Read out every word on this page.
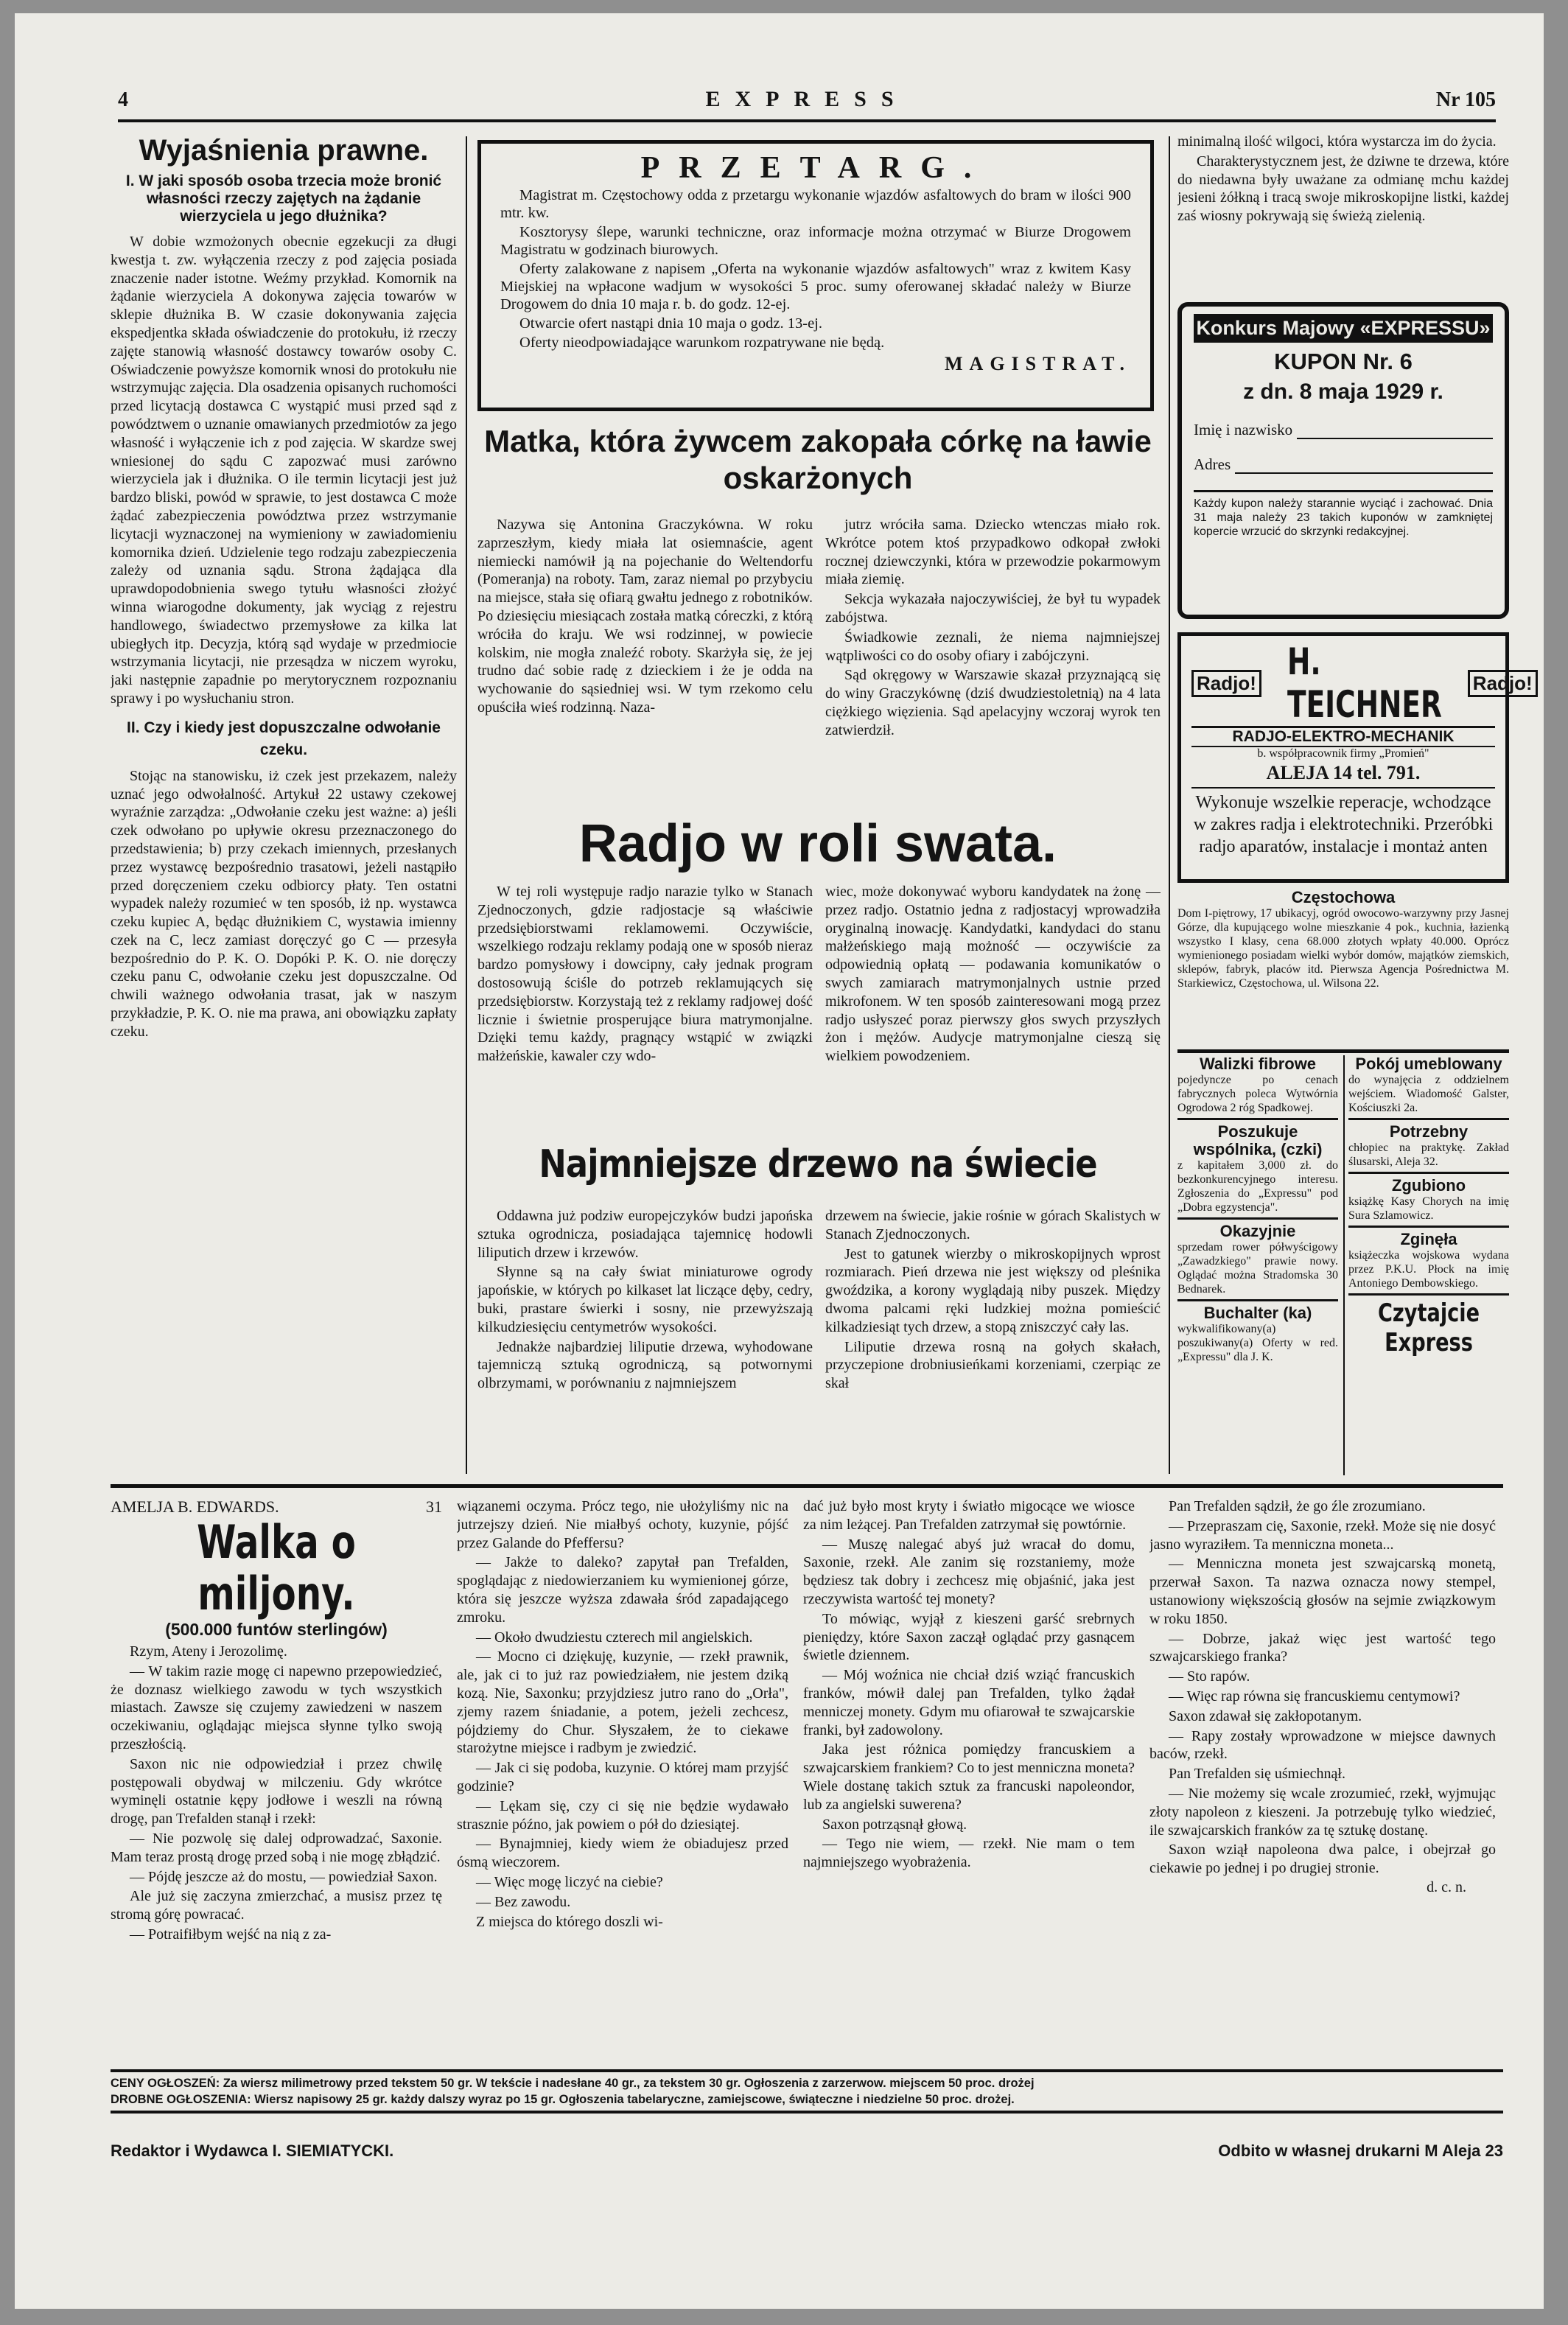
4	EXPRESS	Nr 105
Wyjaśnienia prawne.
I. W jaki sposób osoba trzecia może bronić własności rzeczy zajętych na żądanie wierzyciela u jego dłużnika?

W dobie wzmożonych obecnie egzekucji za długi kwestja t. zw. wyłączenia rzeczy z pod zajęcia posiada znaczenie nader istotne. Weźmy przykład. Komornik na żądanie wierzyciela A dokonywa zajęcia towarów w sklepie dłużnika B. W czasie dokonywania zajęcia ekspedjentka składa oświadczenie do protokułu, iż rzeczy zajęte stanowią własność dostawcy towarów osoby C. Oświadczenie powyższe komornik wnosi do protokułu nie wstrzymując zajęcia. Dla osadzenia opisanych ruchomości przed licytacją dostawca C wystąpić musi przed sąd z powództwem o uznanie omawianych przedmiotów za jego własność i wyłączenie ich z pod zajęcia. W skardze swej wniesionej do sądu C zapozwać musi zarówno wierzyciela jak i dłużnika. O ile termin licytacji jest już bardzo bliski, powód w sprawie, to jest dostawca C może żądać zabezpieczenia powództwa przez wstrzymanie licytacji wyznaczonej na wymieniony w zawiadomieniu komornika dzień. Udzielenie tego rodzaju zabezpieczenia zależy od uznania sądu. Strona żądająca dla uprawdopodobnienia swego tytułu własności złożyć winna wiarogodne dokumenty, jak wyciąg z rejestru handlowego, świadectwo przemysłowe za kilka lat ubiegłych itp. Decyzja, którą sąd wydaje w przedmiocie wstrzymania licytacji, nie przesądza w niczem wyroku, jaki następnie zapadnie po merytorycznem rozpoznaniu sprawy i po wysłuchaniu stron.

II. Czy i kiedy jest dopuszczalne odwołanie czeku.

Stojąc na stanowisku, iż czek jest przekazem, należy uznać jego odwołalność. Artykuł 22 ustawy czekowej wyraźnie zarządza: „Odwołanie czeku jest ważne: a) jeśli czek odwołano po upływie okresu przeznaczonego do przedstawienia; b) przy czekach imiennych, przesłanych przez wystawcę bezpośrednio trasatowi, jeżeli nastąpiło przed doręczeniem czeku odbiorcy płaty. Ten ostatni wypadek należy rozumieć w ten sposób, iż np. wystawca czeku kupiec A, będąc dłużnikiem C, wystawia imienny czek na C, lecz zamiast doręczyć go C — przesyła bezpośrednio do P. K. O. Dopóki P. K. O. nie doręczy czeku panu C, odwołanie czeku jest dopuszczalne. Od chwili ważnego odwołania trasat, jak w naszym przykładzie, P. K. O. nie ma prawa, ani obowiązku zapłaty czeku.

PRZETARG.

Magistrat m. Częstochowy odda z przetargu wykonanie wjazdów asfaltowych do bram w ilości 900 mtr. kw.

Kosztorysy ślepe, warunki techniczne, oraz informacje można otrzymać w Biurze Drogowem Magistratu w godzinach biurowych.

Oferty zalakowane z napisem „Oferta na wykonanie wjazdów asfaltowych" wraz z kwitem Kasy Miejskiej na wpłacone wadjum w wysokości 5 proc. sumy oferowanej składać należy w Biurze Drogowem do dnia 10 maja r. b. do godz. 12-ej.

Otwarcie ofert nastąpi dnia 10 maja o godz. 13-ej.

Oferty nieodpowiadające warunkom rozpatrywane nie będą.

MAGISTRAT.
Matka, która żywcem zakopała córkę na ławie oskarżonych

Nazywa się Antonina Graczykówna. W roku zaprzeszłym, kiedy miała lat osiemnaście, agent niemiecki namówił ją na pojechanie do Weltendorfu (Pomeranja) na roboty. Tam, zaraz niemal po przybyciu na miejsce, stała się ofiarą gwałtu jednego z robotników. Po dziesięciu miesiącach została matką córeczki, z którą wróciła do kraju. We wsi rodzinnej, w powiecie kolskim, nie mogła znaleźć roboty. Skarżyła się, że jej trudno dać sobie radę z dzieckiem i że je odda na wychowanie do sąsiedniej wsi. W tym rzekomo celu opuściła wieś rodzinną. Naza-

jutrz wróciła sama. Dziecko wtenczas miało rok. Wkrótce potem ktoś przypadkowo odkopał zwłoki rocznej dziewczynki, która w przewodzie pokarmowym miała ziemię.

Sekcja wykazała najoczywiściej, że był tu wypadek zabójstwa.

Świadkowie zeznali, że niema najmniejszej wątpliwości co do osoby ofiary i zabójczyni.

Sąd okręgowy w Warszawie skazał przyznającą się do winy Graczykównę (dziś dwudziestoletnią) na 4 lata ciężkiego więzienia. Sąd apelacyjny wczoraj wyrok ten zatwierdził.

Radjo w roli swata.

W tej roli występuje radjo narazie tylko w Stanach Zjednoczonych, gdzie radjostacje są właściwie przedsiębiorstwami reklamowemi. Oczywiście, wszelkiego rodzaju reklamy podają one w sposób nieraz bardzo pomysłowy i dowcipny, cały jednak program dostosowują ściśle do potrzeb reklamujących się przedsiębiorstw. Korzystają też z reklamy radjowej dość licznie i świetnie prosperujące biura matrymonjalne. Dzięki temu każdy, pragnący wstąpić w związki małżeńskie, kawaler czy wdo-

wiec, może dokonywać wyboru kandydatek na żonę — przez radjo. Ostatnio jedna z radjostacyj wprowadziła oryginalną inowację. Kandydatki, kandydaci do stanu małżeńskiego mają możność — oczywiście za odpowiednią opłatą — podawania komunikatów o swych zamiarach matrymonjalnych ustnie przed mikrofonem. W ten sposób zainteresowani mogą przez radjo usłyszeć poraz pierwszy głos swych przyszłych żon i mężów. Audycje matrymonjalne cieszą się wielkiem powodzeniem.

Najmniejsze drzewo na świecie

Oddawna już podziw europejczyków budzi japońska sztuka ogrodnicza, posiadająca tajemnicę hodowli liliputich drzew i krzewów.

Słynne są na cały świat miniaturowe ogrody japońskie, w których po kilkaset lat liczące dęby, cedry, buki, prastare świerki i sosny, nie przewyższają kilkudziesięciu centymetrów wysokości.

Jednakże najbardziej liliputie drzewa, wyhodowane tajemniczą sztuką ogrodniczą, są potwornymi olbrzymami, w porównaniu z najmniejszem

drzewem na świecie, jakie rośnie w górach Skalistych w Stanach Zjednoczonych.

Jest to gatunek wierzby o mikroskopijnych wprost rozmiarach. Pień drzewa nie jest większy od pleśnika gwoździka, a korony wyglądają niby puszek. Między dwoma palcami ręki ludzkiej można pomieścić kilkadziesiąt tych drzew, a stopą zniszczyć cały las.

Liliputie drzewa rosną na gołych skałach, przyczepione drobniusieńkami korzeniami, czerpiąc ze skał

minimalną ilość wilgoci, która wystarcza im do życia.

Charakterystycznem jest, że dziwne te drzewa, które do niedawna były uważane za odmianę mchu każdej jesieni żółkną i tracą swoje mikroskopijne listki, każdej zaś wiosny pokrywają się świeżą zielenią.

Konkurs Majowy «EXPRESSU»
KUPON Nr. 6
z dn. 8 maja 1929 r.
Imię i nazwisko
Adres
Każdy kupon należy starannie wyciąć i zachować. Dnia 31 maja należy 23 takich kuponów w zamkniętej kopercie wrzucić do skrzynki redakcyjnej.
Radjo! H. TEICHNER
Radjo!
RADJO-ELEKTRO-MECHANIK
b. współpracownik firmy „Promień"
ALEJA 14 tel. 791.
Wykonuje wszelkie reperacje, wchodzące w zakres radja i elektrotechniki. Przeróbki radjo aparatów, instalacje i montaż anten
Częstochowa
Dom I-piętrowy, 17 ubikacyj, ogród owocowo-warzywny przy Jasnej Górze, dla kupującego wolne mieszkanie 4 pok., kuchnia, łazienką wszystko I klasy, cena 68.000 złotych wpłaty 40.000. Oprócz wymienionego posiadam wielki wybór domów, majątków ziemskich, sklepów, fabryk, placów itd. Pierwsza Agencja Pośrednictwa M. Starkiewicz, Częstochowa, ul. Wilsona 22.
Walizki fibrowe
pojedyncze po cenach fabrycznych poleca Wytwórnia Ogrodowa 2 róg Spadkowej.
Poszukuje wspólnika, (czki)
z kapitałem 3,000 zł. do bezkonkurencyjnego interesu. Zgłoszenia do „Expressu" pod „Dobra egzystencja".
Okazyjnie
sprzedam rower półwyścigowy „Zawadzkiego" prawie nowy. Oglądać można Stradomska 30 Bednarek.
Buchalter (ka)
wykwalifikowany(a) poszukiwany(a) Oferty w red. „Expressu" dla J. K.
Pokój umeblowany
do wynajęcia z oddzielnem wejściem. Wiadomość Galster, Kościuszki 2a.
Potrzebny
chłopiec na praktykę. Zakład ślusarski, Aleja 32.
Zgubiono
książkę Kasy Chorych na imię Sura Szlamowicz.
Zginęła
książeczka wojskowa wydana przez P.K.U. Płock na imię Antoniego Dembowskiego.
Czytajcie Express
AMELJA B. EDWARDS.	31
Walka o miljony.
(500.000 funtów sterlingów)

Rzym, Ateny i Jerozolimę.

— W takim razie mogę ci napewno przepowiedzieć, że doznasz wielkiego zawodu w tych wszystkich miastach. Zawsze się czujemy zawiedzeni w naszem oczekiwaniu, oglądając miejsca słynne tylko swoją przeszłością.

Saxon nic nie odpowiedział i przez chwilę postępowali obydwaj w milczeniu. Gdy wkrótce wyminęli ostatnie kępy jodłowe i weszli na równą drogę, pan Trefalden stanął i rzekł:

— Nie pozwolę się dalej odprowadzać, Saxonie. Mam teraz prostą drogę przed sobą i nie mogę zbłądzić.

— Pójdę jeszcze aż do mostu, — powiedział Saxon.

Ale już się zaczyna zmierzchać, a musisz przez tę stromą górę powracać.

— Potraifiłbym wejść na nią z za-

wiązanemi oczyma. Prócz tego, nie ułożyliśmy nic na jutrzejszy dzień. Nie miałbyś ochoty, kuzynie, pójść przez Galande do Pfeffersu?

— Jakże to daleko? zapytał pan Trefalden, spoglądając z niedowierzaniem ku wymienionej górze, która się jeszcze wyższa zdawała śród zapadającego zmroku.

— Około dwudziestu czterech mil angielskich.

— Mocno ci dziękuję, kuzynie, — rzekł prawnik, ale, jak ci to już raz powiedziałem, nie jestem dziką kozą. Nie, Saxonku; przyjdziesz jutro rano do „Orła", zjemy razem śniadanie, a potem, jeżeli zechcesz, pójdziemy do Chur. Słyszałem, że to ciekawe starożytne miejsce i radbym je zwiedzić.

— Jak ci się podoba, kuzynie. O której mam przyjść godzinie?

— Lękam się, czy ci się nie będzie wydawało strasznie późno, jak powiem o pół do dziesiątej.

— Bynajmniej, kiedy wiem że obiadujesz przed ósmą wieczorem.

— Więc mogę liczyć na ciebie?

— Bez zawodu.

Z miejsca do którego doszli wi-

dać już było most kryty i światło migocące we wiosce za nim leżącej. Pan Trefalden zatrzymał się powtórnie.

— Muszę nalegać abyś już wracał do domu, Saxonie, rzekł. Ale zanim się rozstaniemy, może będziesz tak dobry i zechcesz mię objaśnić, jaka jest rzeczywista wartość tej monety?

To mówiąc, wyjął z kieszeni garść srebrnych pieniędzy, które Saxon zaczął oglądać przy gasnącem świetle dziennem.

— Mój woźnica nie chciał dziś wziąć francuskich franków, mówił dalej pan Trefalden, tylko żądał menniczej monety. Gdym mu ofiarował te szwajcarskie franki, był zadowolony.

Jaka jest różnica pomiędzy francuskiem a szwajcarskiem frankiem? Co to jest menniczna moneta? Wiele dostanę takich sztuk za francuski napoleondor, lub za angielski suwerena?

Saxon potrząsnął głową.

— Tego nie wiem, — rzekł. Nie mam o tem najmniejszego wyobrażenia.

Pan Trefalden sądził, że go źle zrozumiano.

— Przepraszam cię, Saxonie, rzekł. Może się nie dosyć jasno wyraziłem. Ta menniczna moneta...

— Menniczna moneta jest szwajcarską monetą, przerwał Saxon. Ta nazwa oznacza nowy stempel, ustanowiony większością głosów na sejmie związkowym w roku 1850.

— Dobrze, jakaż więc jest wartość tego szwajcarskiego franka?

— Sto rapów.

— Więc rap równa się francuskiemu centymowi?

Saxon zdawał się zakłopotanym.

— Rapy zostały wprowadzone w miejsce dawnych baców, rzekł.

Pan Trefalden się uśmiechnął.

— Nie możemy się wcale zrozumieć, rzekł, wyjmując złoty napoleon z kieszeni. Ja potrzebuję tylko wiedzieć, ile szwajcarskich franków za tę sztukę dostanę.

Saxon wziął napoleona dwa palce, i obejrzał go ciekawie po jednej i po drugiej stronie.

d. c. n.
CENY OGŁOSZEŃ: Za wiersz milimetrowy przed tekstem 50 gr. W tekście i nadesłane 40 gr., za tekstem 30 gr. Ogłoszenia z zarzerwow. miejscem 50 proc. drożej
DROBNE OGŁOSZENIA: Wiersz napisowy 25 gr. każdy dalszy wyraz po 15 gr. Ogłoszenia tabelaryczne, zamiejscowe, świąteczne i niedzielne 50 proc. drożej.
Redaktor i Wydawca I. SIEMIATYCKI.	Odbito w własnej drukarni M Aleja 23
